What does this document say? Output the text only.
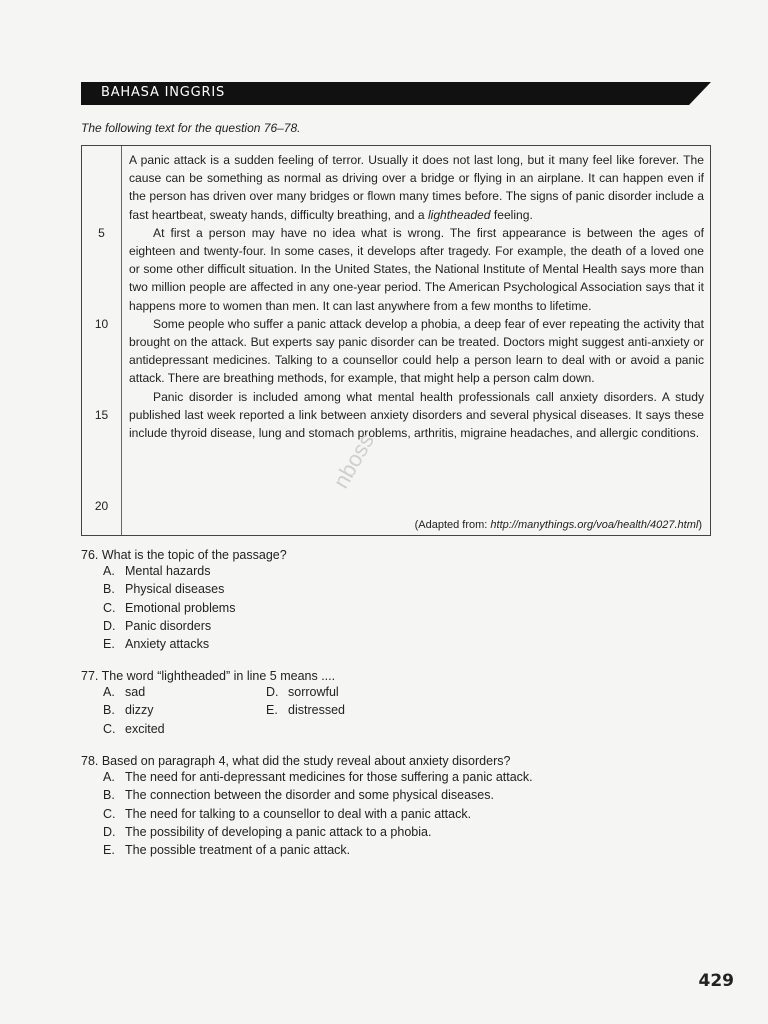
BAHASA INGGRIS
The following text for the question 76–78.
5
10
15
20

A panic attack is a sudden feeling of terror. Usually it does not last long, but it many feel like forever. The cause can be something as normal as driving over a bridge or flying in an airplane. It can happen even if the person has driven over many bridges or flown many times before. The signs of panic disorder include a fast heartbeat, sweaty hands, difficulty breathing, and a lightheaded feeling.

At first a person may have no idea what is wrong. The first appearance is between the ages of eighteen and twenty-four. In some cases, it develops after tragedy. For example, the death of a loved one or some other difficult situation. In the United States, the National Institute of Mental Health says more than two million people are affected in any one-year period. The American Psychological Association says that it happens more to women than men. It can last anywhere from a few months to lifetime.

Some people who suffer a panic attack develop a phobia, a deep fear of ever repeating the activity that brought on the attack. But experts say panic disorder can be treated. Doctors might suggest anti-anxiety or antidepressant medicines. Talking to a counsellor could help a person learn to deal with or avoid a panic attack. There are breathing methods, for example, that might help a person calm down.

Panic disorder is included among what mental health professionals call anxiety disorders. A study published last week reported a link between anxiety disorders and several physical diseases. It says these include thyroid disease, lung and stomach problems, arthritis, migraine headaches, and allergic conditions.

(Adapted from: http://manythings.org/voa/health/4027.html)
nboss
76. What is the topic of the passage?
A. Mental hazards
B. Physical diseases
C. Emotional problems
D. Panic disorders
E. Anxiety attacks
77. The word “lightheaded” in line 5 means ....
A. sad	D. sorrowful
B. dizzy	E. distressed
C. excited
78. Based on paragraph 4, what did the study reveal about anxiety disorders?
A. The need for anti-depressant medicines for those suffering a panic attack.
B. The connection between the disorder and some physical diseases.
C. The need for talking to a counsellor to deal with a panic attack.
D. The possibility of developing a panic attack to a phobia.
E. The possible treatment of a panic attack.
429
